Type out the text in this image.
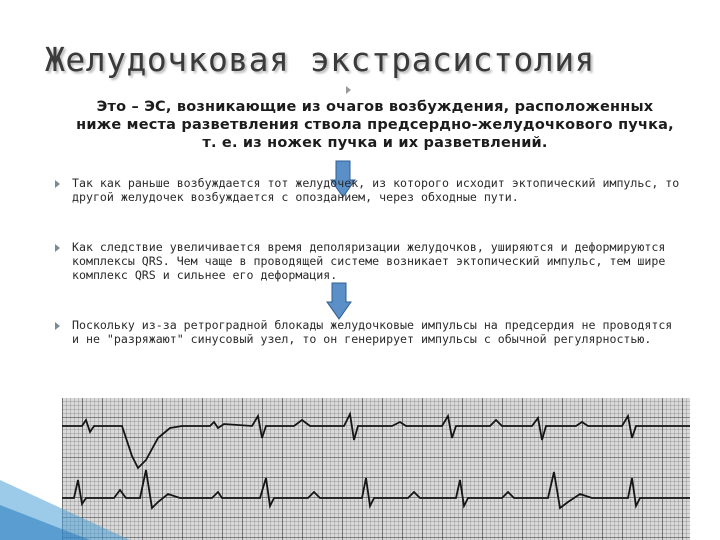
Желудочковая экстрасистолия
Это – ЭС, возникающие из очагов возбуждения, расположенных ниже места разветвления ствола предсердно-желудочкового пучка, т. е. из ножек пучка и их разветвлений.
Так как раньше возбуждается тот желудочек, из которого исходит эктопический импульс, то другой желудочек возбуждается с опозданием, через обходные пути.
Как следствие увеличивается время деполяризации желудочков, уширяются и деформируются комплексы QRS. Чем чаще в проводящей системе возникает эктопический импульс, тем шире комплекс QRS и сильнее его деформация.
Поскольку из-за ретроградной блокады желудочковые импульсы на предсердия не проводятся и не "разряжают" синусовый узел, то он генерирует импульсы с обычной регулярностью.
